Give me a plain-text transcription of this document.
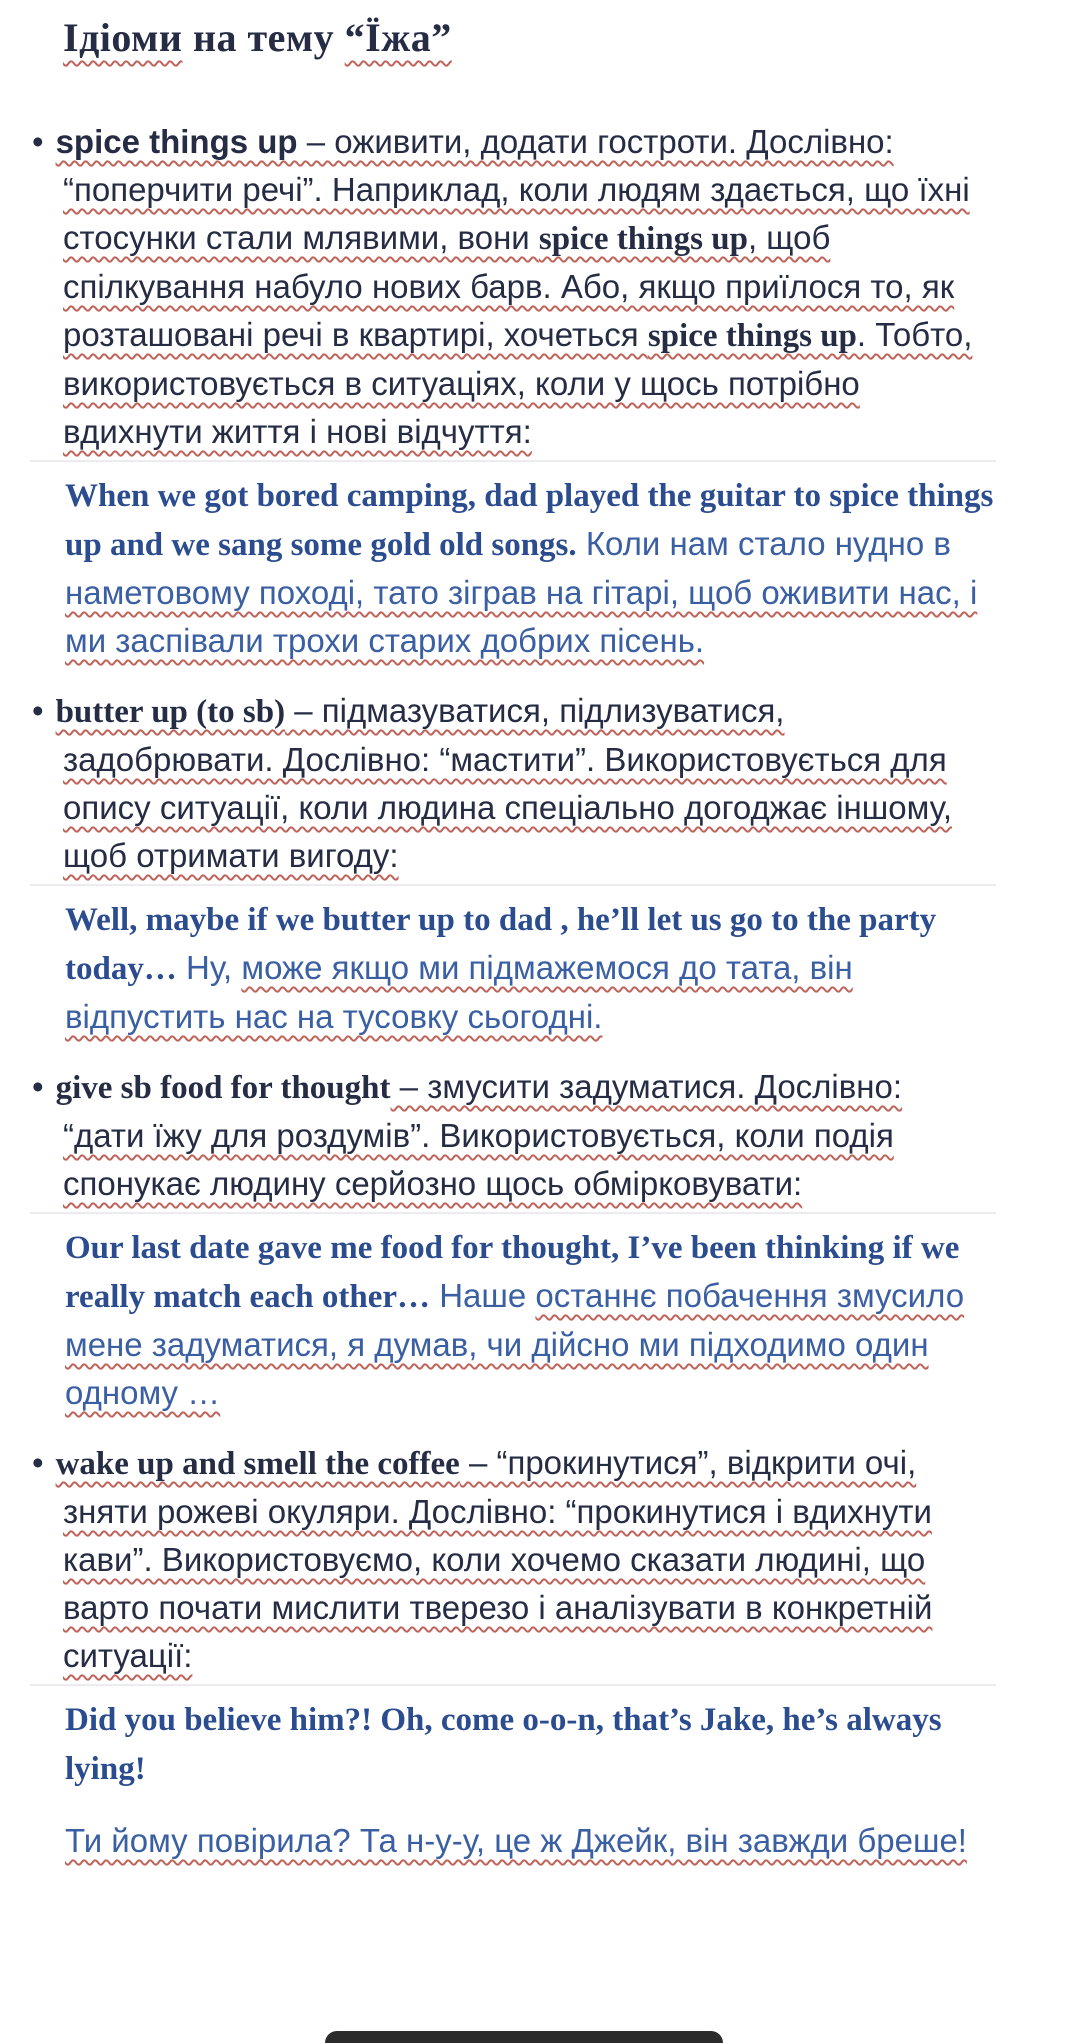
Ідіоми на тему “Їжа”

• spice things up – оживити, додати гостроти. Дослівно: “поперчити речі”. Наприклад, коли людям здається, що їхні стосунки стали млявими, вони spice things up, щоб спілкування набуло нових барв. Або, якщо приїлося то, як розташовані речі в квартирі, хочеться spice things up. Тобто, використовується в ситуаціях, коли у щось потрібно вдихнути життя і нові відчуття:

When we got bored camping, dad played the guitar to spice things up and we sang some gold old songs. Коли нам стало нудно в наметовому поході, тато зіграв на гітарі, щоб оживити нас, і ми заспівали трохи старих добрих пісень.

• butter up (to sb) – підмазуватися, підлизуватися, задобрювати. Дослівно: “мастити”. Використовується для опису ситуації, коли людина спеціально догоджає іншому, щоб отримати вигоду:

Well, maybe if we butter up to dad , he’ll let us go to the party today… Ну, може якщо ми підмажемося до тата, він відпустить нас на тусовку сьогодні.

• give sb food for thought – змусити задуматися. Дослівно: “дати їжу для роздумів”. Використовується, коли подія спонукає людину серйозно щось обмірковувати:

Our last date gave me food for thought, I’ve been thinking if we really match each other… Наше останнє побачення змусило мене задуматися, я думав, чи дійсно ми підходимо один одному …

• wake up and smell the coffee – “прокинутися”, відкрити очі, зняти рожеві окуляри. Дослівно: “прокинутися і вдихнути кави”. Використовуємо, коли хочемо сказати людині, що варто почати мислити тверезо і аналізувати в конкретній ситуації:

Did you believe him?! Oh, come o-o-n, that’s Jake, he’s always lying!

Ти йому повірила? Та н-у-у, це ж Джейк, він завжди бреше!
